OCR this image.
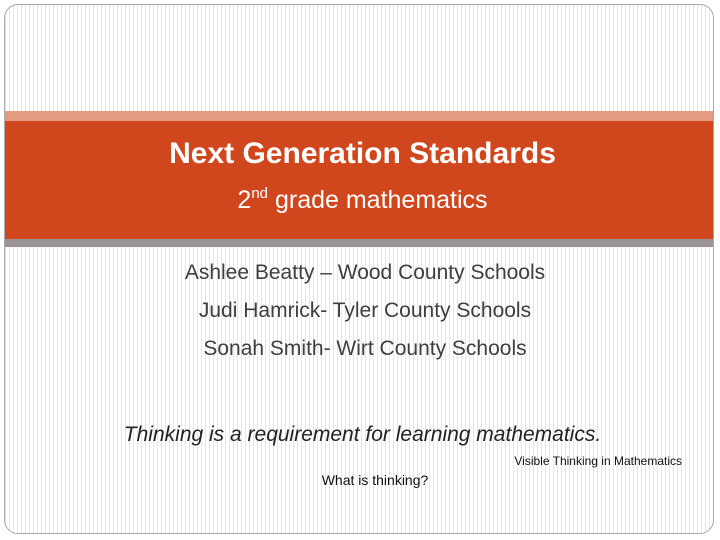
Next Generation Standards
2nd grade mathematics
Ashlee Beatty – Wood County Schools
Judi Hamrick- Tyler County Schools
Sonah Smith- Wirt County Schools
Thinking is a requirement for learning mathematics.
Visible Thinking in Mathematics
What is thinking?
